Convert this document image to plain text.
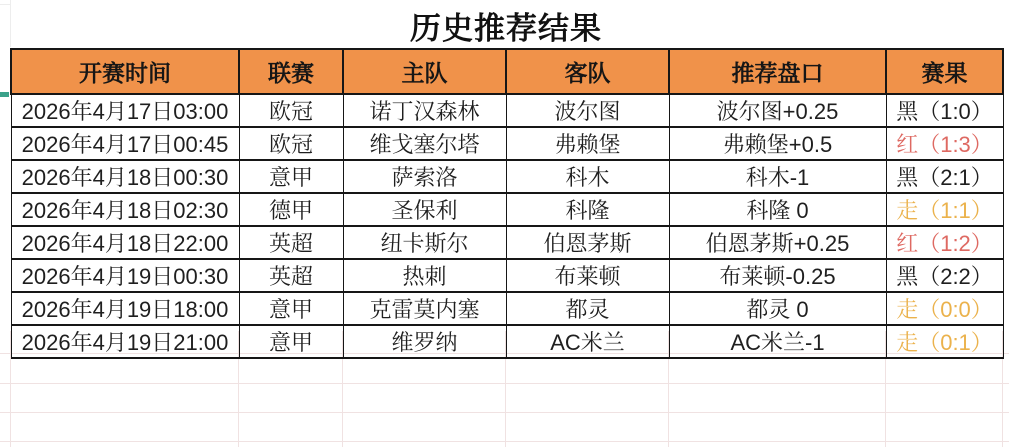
历史推荐结果
开赛时间	联赛	主队	客队	推荐盘口	赛果
2026年4月17日03:00	欧冠	诺丁汉森林	波尔图	波尔图+0.25	黑（1:0）
2026年4月17日00:45	欧冠	维戈塞尔塔	弗赖堡	弗赖堡+0.5	红（1:3）
2026年4月18日00:30	意甲	萨索洛	科木	科木-1	黑（2:1）
2026年4月18日02:30	德甲	圣保利	科隆	科隆 0	走（1:1）
2026年4月18日22:00	英超	纽卡斯尔	伯恩茅斯	伯恩茅斯+0.25	红（1:2）
2026年4月19日00:30	英超	热刺	布莱顿	布莱顿-0.25	黑（2:2）
2026年4月19日18:00	意甲	克雷莫内塞	都灵	都灵 0	走（0:0）
2026年4月19日21:00	意甲	维罗纳	AC米兰	AC米兰-1	走（0:1）
